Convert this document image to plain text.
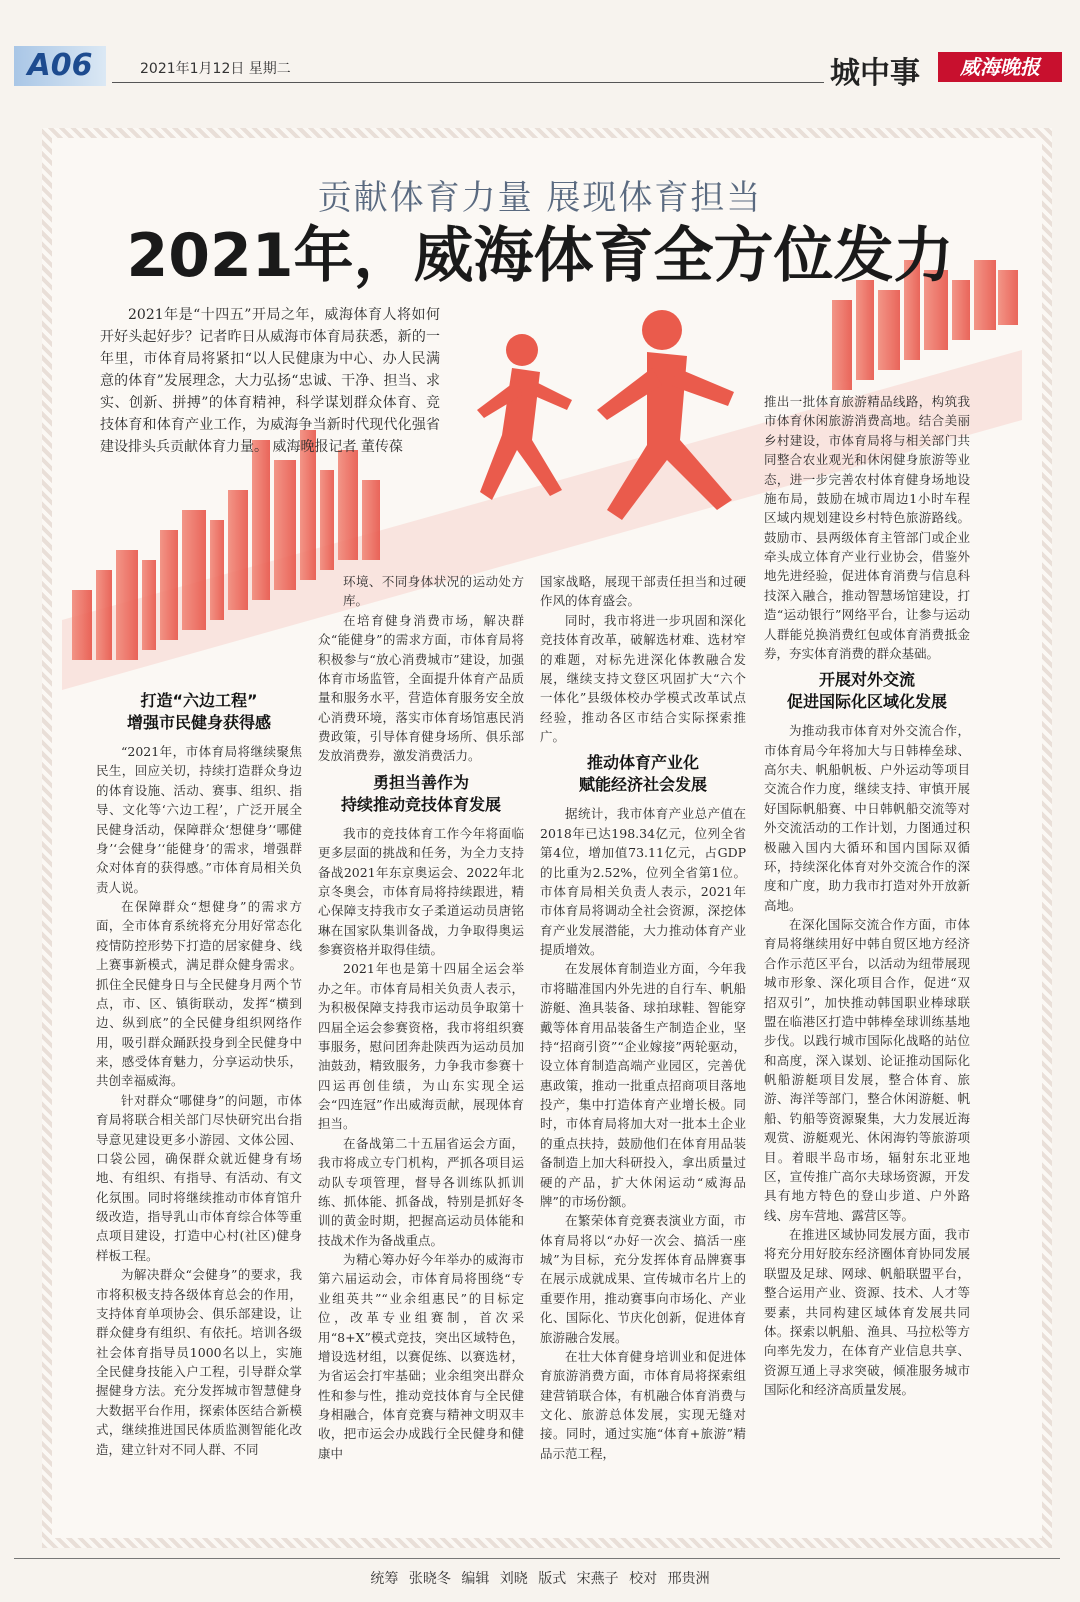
A06	2021年1月12日 星期二	城中事	威海晚报
贡献体育力量 展现体育担当
2021年，威海体育全方位发力
2021年是“十四五”开局之年，威海体育人将如何开好头起好步？记者昨日从威海市体育局获悉，新的一年里，市体育局将紧扣“以人民健康为中心、办人民满意的体育”发展理念，大力弘扬“忠诚、干净、担当、求实、创新、拼搏”的体育精神，科学谋划群众体育、竞技体育和体育产业工作，为威海争当新时代现代化强省建设排头兵贡献体育力量。 威海晚报记者 董传葆
打造“六边工程”
增强市民健身获得感

“2021年，市体育局将继续聚焦民生，回应关切，持续打造群众身边的体育设施、活动、赛事、组织、指导、文化等‘六边工程’，广泛开展全民健身活动，保障群众‘想健身’‘哪健身’‘会健身’‘能健身’的需求，增强群众对体育的获得感。”市体育局相关负责人说。

在保障群众“想健身”的需求方面，全市体育系统将充分用好常态化疫情防控形势下打造的居家健身、线上赛事新模式，满足群众健身需求。抓住全民健身日与全民健身月两个节点，市、区、镇街联动，发挥“横到边、纵到底”的全民健身组织网络作用，吸引群众踊跃投身到全民健身中来，感受体育魅力，分享运动快乐，共创幸福威海。

针对群众“哪健身”的问题，市体育局将联合相关部门尽快研究出台指导意见建设更多小游园、文体公园、口袋公园，确保群众就近健身有场地、有组织、有指导、有活动、有文化氛围。同时将继续推动市体育馆升级改造，指导乳山市体育综合体等重点项目建设，打造中心村(社区)健身样板工程。

为解决群众“会健身”的要求，我市将积极支持各级体育总会的作用，支持体育单项协会、俱乐部建设，让群众健身有组织、有依托。培训各级社会体育指导员1000名以上，实施全民健身技能入户工程，引导群众掌握健身方法。充分发挥城市智慧健身大数据平台作用，探索体医结合新模式，继续推进国民体质监测智能化改造，建立针对不同人群、不同

环境、不同身体状况的运动处方库。

在培育健身消费市场，解决群众“能健身”的需求方面，市体育局将积极参与“放心消费城市”建设，加强体育市场监管，全面提升体育产品质量和服务水平，营造体育服务安全放心消费环境，落实市体育场馆惠民消费政策，引导体育健身场所、俱乐部发放消费券，激发消费活力。

勇担当善作为
持续推动竞技体育发展

我市的竞技体育工作今年将面临更多层面的挑战和任务，为全力支持备战2021年东京奥运会、2022年北京冬奥会，市体育局将持续跟进，精心保障支持我市女子柔道运动员唐铭琳在国家队集训备战，力争取得奥运参赛资格并取得佳绩。

2021年也是第十四届全运会举办之年。市体育局相关负责人表示，为积极保障支持我市运动员争取第十四届全运会参赛资格，我市将组织赛事服务，慰问团奔赴陕西为运动员加油鼓劲，精致服务，力争我市参赛十四运再创佳绩，为山东实现全运会“四连冠”作出威海贡献，展现体育担当。

在备战第二十五届省运会方面，我市将成立专门机构，严抓各项目运动队专项管理，督导各训练队抓训练、抓体能、抓备战，特别是抓好冬训的黄金时期，把握高运动员体能和技战术作为备战重点。

为精心筹办好今年举办的威海市第六届运动会，市体育局将围绕“专业组英共”“业余组惠民”的目标定位，改革专业组赛制，首次采用“8+X”模式竞技，突出区域特色，增设选材组，以赛促练、以赛选材，为省运会打牢基础；业余组突出群众性和参与性，推动竞技体育与全民健身相融合，体育竞赛与精神文明双丰收，把市运会办成践行全民健身和健康中

国家战略，展现干部责任担当和过硬作风的体育盛会。

同时，我市将进一步巩固和深化竞技体育改革，破解选材难、选材窄的难题，对标先进深化体教融合发展，继续支持文登区巩固扩大“六个一体化”县级体校办学模式改革试点经验，推动各区市结合实际探索推广。

推动体育产业化
赋能经济社会发展

据统计，我市体育产业总产值在2018年已达198.34亿元，位列全省第4位，增加值73.11亿元，占GDP的比重为2.52%，位列全省第1位。市体育局相关负责人表示，2021年市体育局将调动全社会资源，深挖体育产业发展潜能，大力推动体育产业提质增效。

在发展体育制造业方面，今年我市将瞄准国内外先进的自行车、帆船游艇、渔具装备、球拍球鞋、智能穿戴等体育用品装备生产制造企业，坚持“招商引资”“企业嫁接”两轮驱动，设立体育制造高端产业园区，完善优惠政策，推动一批重点招商项目落地投产，集中打造体育产业增长极。同时，市体育局将加大对一批本土企业的重点扶持，鼓励他们在体育用品装备制造上加大科研投入，拿出质量过硬的产品，扩大休闲运动“威海品牌”的市场份额。

在繁荣体育竞赛表演业方面，市体育局将以“办好一次会、搞活一座城”为目标，充分发挥体育品牌赛事在展示成就成果、宣传城市名片上的重要作用，推动赛事向市场化、产业化、国际化、节庆化创新，促进体育旅游融合发展。

在壮大体育健身培训业和促进体育旅游消费方面，市体育局将探索组建营销联合体，有机融合体育消费与文化、旅游总体发展，实现无缝对接。同时，通过实施“体育+旅游”精品示范工程，

推出一批体育旅游精品线路，构筑我市体育休闲旅游消费高地。结合美丽乡村建设，市体育局将与相关部门共同整合农业观光和休闲健身旅游等业态，进一步完善农村体育健身场地设施布局，鼓励在城市周边1小时车程区域内规划建设乡村特色旅游路线。鼓励市、县两级体育主管部门或企业牵头成立体育产业行业协会，借鉴外地先进经验，促进体育消费与信息科技深入融合，推动智慧场馆建设，打造“运动银行”网络平台，让参与运动人群能兑换消费红包或体育消费抵金券，夯实体育消费的群众基础。

开展对外交流
促进国际化区域化发展

为推动我市体育对外交流合作，市体育局今年将加大与日韩棒垒球、高尔夫、帆船帆板、户外运动等项目交流合作力度，继续支持、审慎开展好国际帆船赛、中日韩帆船交流等对外交流活动的工作计划，力图通过积极融入国内大循环和国内国际双循环，持续深化体育对外交流合作的深度和广度，助力我市打造对外开放新高地。

在深化国际交流合作方面，市体育局将继续用好中韩自贸区地方经济合作示范区平台，以活动为纽带展现城市形象、深化项目合作，促进“双招双引”，加快推动韩国职业棒球联盟在临港区打造中韩棒垒球训练基地步伐。以践行城市国际化战略的站位和高度，深入谋划、论证推动国际化帆船游艇项目发展，整合体育、旅游、海洋等部门，整合休闲游艇、帆船、钓船等资源聚集，大力发展近海观赏、游艇观光、休闲海钓等旅游项目。着眼半岛市场，辐射东北亚地区，宣传推广高尔夫球场资源，开发具有地方特色的登山步道、户外路线、房车营地、露营区等。

在推进区域协同发展方面，我市将充分用好胶东经济圈体育协同发展联盟及足球、网球、帆船联盟平台，整合运用产业、资源、技术、人才等要素，共同构建区域体育发展共同体。探索以帆船、渔具、马拉松等方向率先发力，在体育产业信息共享、资源互通上寻求突破，倾准服务城市国际化和经济高质量发展。

统筹 张晓冬 编辑 刘晓 版式 宋燕子 校对 邢贵洲
